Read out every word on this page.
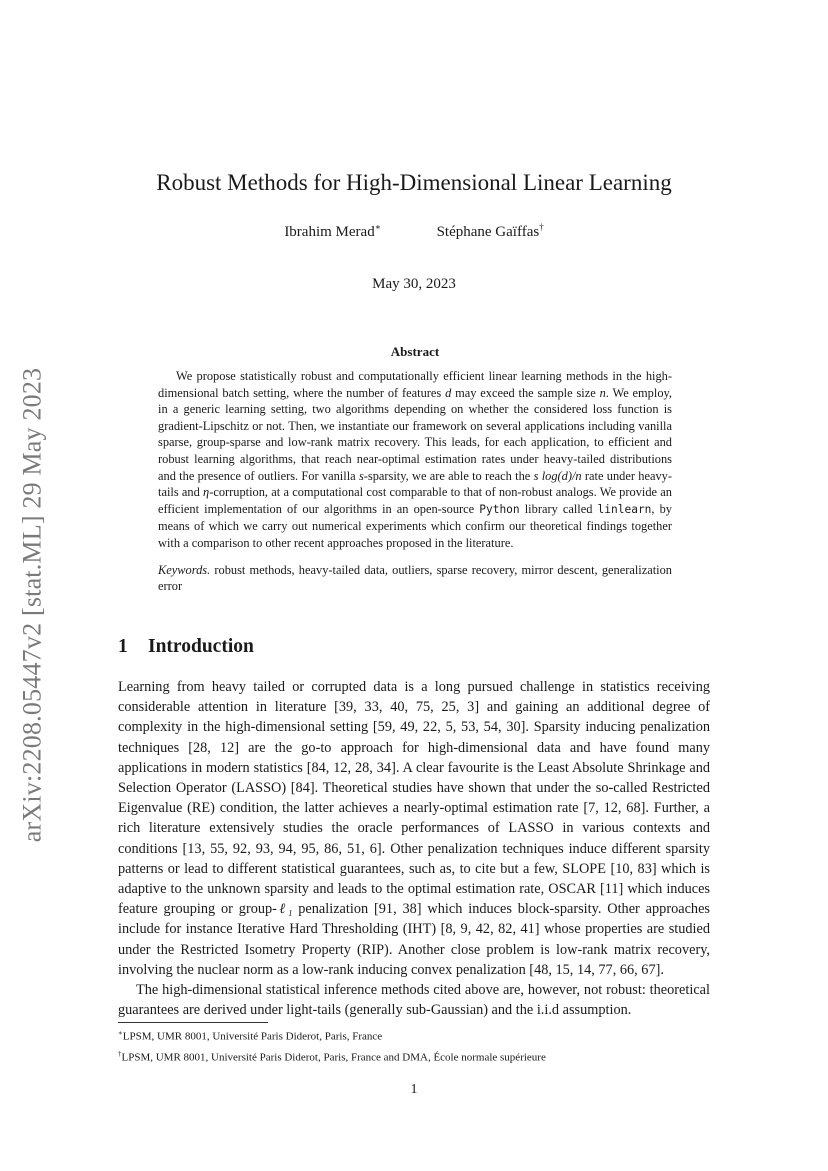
arXiv:2208.05447v2 [stat.ML] 29 May 2023
Robust Methods for High-Dimensional Linear Learning
Ibrahim Merad∗	Stéphane Gaïffas†
May 30, 2023
Abstract

We propose statistically robust and computationally efficient linear learning methods in the high-dimensional batch setting, where the number of features d may exceed the sample size n. We employ, in a generic learning setting, two algorithms depending on whether the considered loss function is gradient-Lipschitz or not. Then, we instantiate our framework on several applications including vanilla sparse, group-sparse and low-rank matrix recovery. This leads, for each application, to efficient and robust learning algorithms, that reach near-optimal estimation rates under heavy-tailed distributions and the presence of outliers. For vanilla s-sparsity, we are able to reach the s log(d)/n rate under heavy-tails and η-corruption, at a computational cost comparable to that of non-robust analogs. We provide an efficient implementation of our algorithms in an open-source Python library called linlearn, by means of which we carry out numerical experiments which confirm our theoretical findings together with a comparison to other recent approaches proposed in the literature.

Keywords. robust methods, heavy-tailed data, outliers, sparse recovery, mirror descent, generalization error
1 Introduction

Learning from heavy tailed or corrupted data is a long pursued challenge in statistics receiving considerable attention in literature [39, 33, 40, 75, 25, 3] and gaining an additional degree of complexity in the high-dimensional setting [59, 49, 22, 5, 53, 54, 30]. Sparsity inducing penalization techniques [28, 12] are the go-to approach for high-dimensional data and have found many applications in modern statistics [84, 12, 28, 34]. A clear favourite is the Least Absolute Shrinkage and Selection Operator (LASSO) [84]. Theoretical studies have shown that under the so-called Restricted Eigenvalue (RE) condition, the latter achieves a nearly-optimal estimation rate [7, 12, 68]. Further, a rich literature extensively studies the oracle performances of LASSO in various contexts and conditions [13, 55, 92, 93, 94, 95, 86, 51, 6]. Other penalization techniques induce different sparsity patterns or lead to different statistical guarantees, such as, to cite but a few, SLOPE [10, 83] which is adaptive to the unknown sparsity and leads to the optimal estimation rate, OSCAR [11] which induces feature grouping or group-ℓ₁ penalization [91, 38] which induces block-sparsity. Other approaches include for instance Iterative Hard Thresholding (IHT) [8, 9, 42, 82, 41] whose properties are studied under the Restricted Isometry Property (RIP). Another close problem is low-rank matrix recovery, involving the nuclear norm as a low-rank inducing convex penalization [48, 15, 14, 77, 66, 67].

The high-dimensional statistical inference methods cited above are, however, not robust: theoretical guarantees are derived under light-tails (generally sub-Gaussian) and the i.i.d assumption.

∗LPSM, UMR 8001, Université Paris Diderot, Paris, France
†LPSM, UMR 8001, Université Paris Diderot, Paris, France and DMA, École normale supérieure
1
